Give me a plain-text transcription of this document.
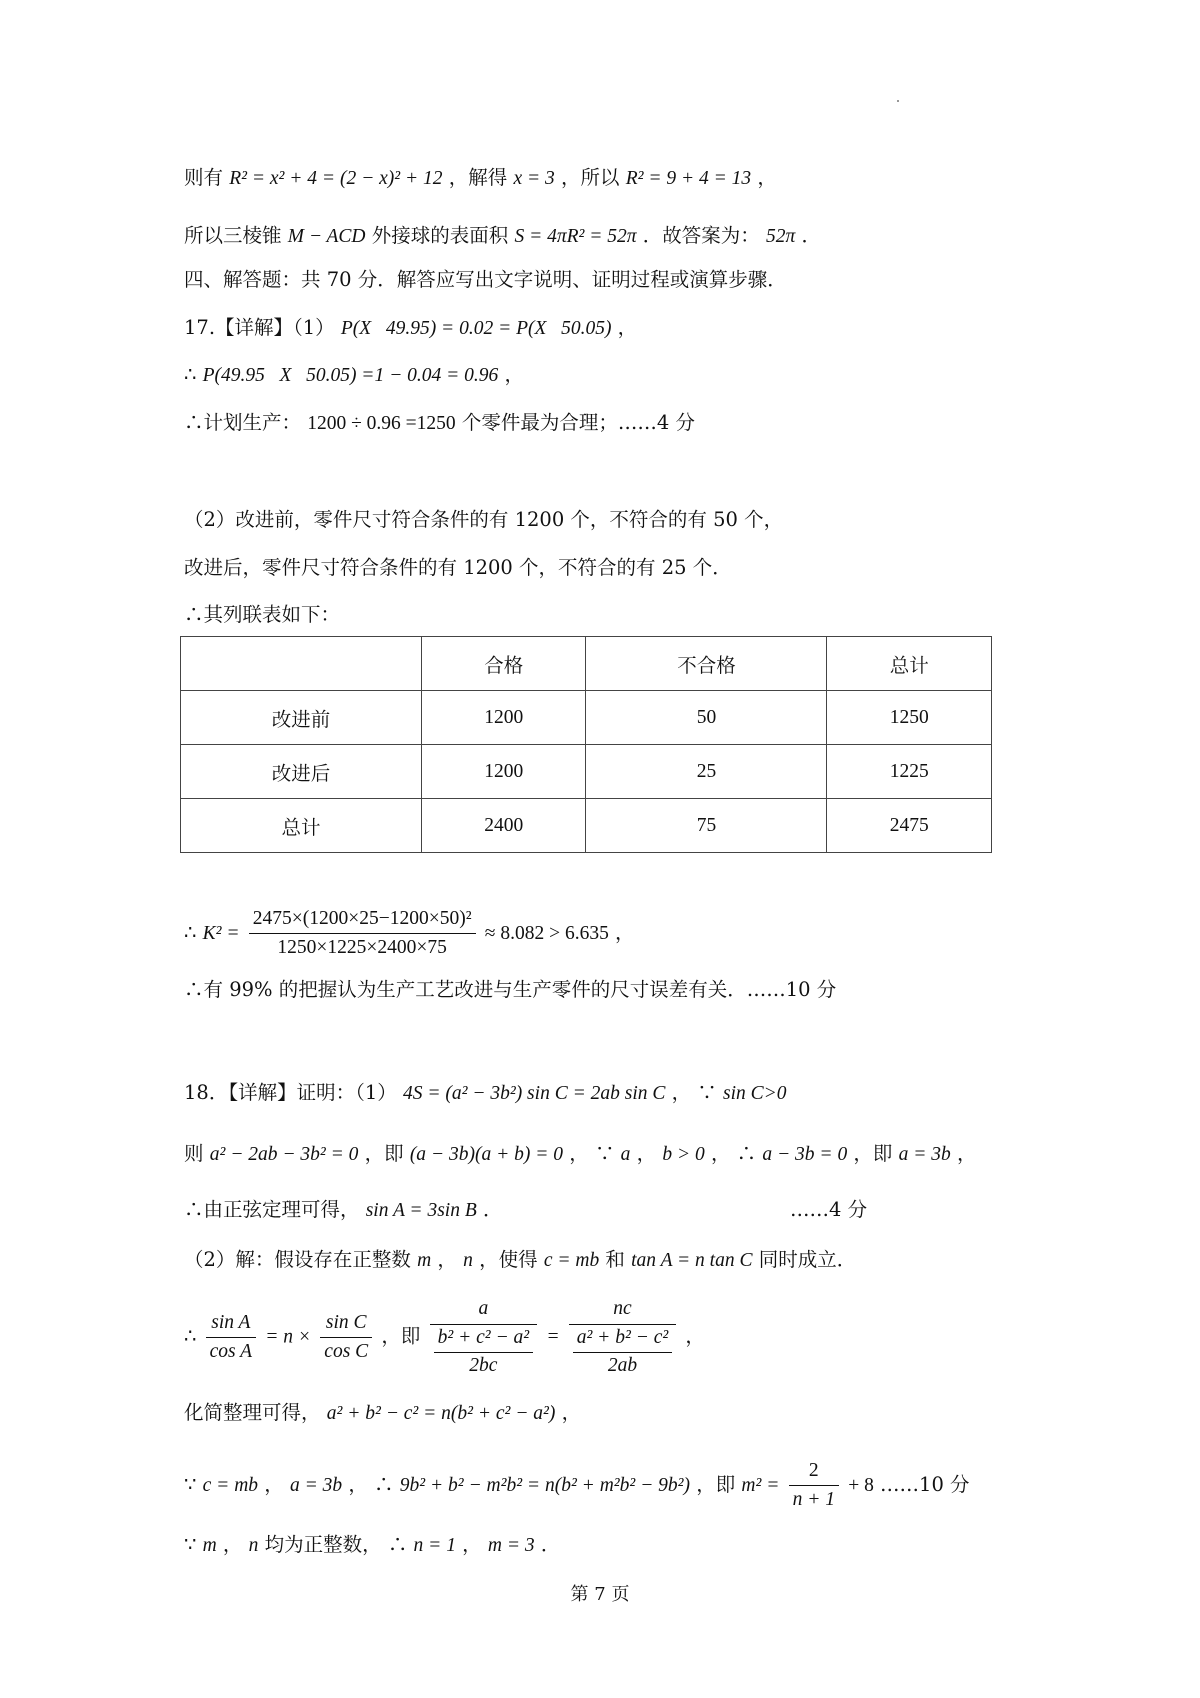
则有 R² = x² + 4 = (2 − x)² + 12 ，解得 x = 3 ，所以 R² = 9 + 4 = 13 ，
所以三棱锥 M − ACD 外接球的表面积 S = 4πR² = 52π ．故答案为： 52π ．
四、解答题：共 70 分．解答应写出文字说明、证明过程或演算步骤．
17.【详解】（1） P(X   49.95) = 0.02 = P(X   50.05) ，
∴ P(49.95   X   50.05) =1 − 0.04 = 0.96 ，
∴计划生产： 1200 ÷ 0.96 =1250 个零件最为合理；……4 分
（2）改进前，零件尺寸符合条件的有 1200 个，不符合的有 50 个，
改进后，零件尺寸符合条件的有 1200 个，不符合的有 25 个．
∴其列联表如下：
	合格	不合格	总计
改进前	1200	50	1250
改进后	1200	25	1225
总计	2400	75	2475
∴ $K^2 = \frac{\text{2475×(1200×25−1200×50)²}}{1250\times 1225\times 2400\times 75} \approx 8.082 > 6.635$ ，
∴有 99% 的把握认为生产工艺改进与生产零件的尺寸误差有关．……10 分
18．【详解】证明：（1） 4S = (a² − 3b²) sin C = 2ab sin C ， ∵ sin C>0
则 a² − 2ab − 3b² = 0 ，即 (a − 3b)(a + b) = 0 ， ∵ a ， b > 0 ， ∴ a − 3b = 0 ，即 a = 3b ，
∴由正弦定理可得， sin A = 3sin B ．	……4 分
（2）解：假设存在正整数 m ， n ，使得 c = mb 和 tan A = n tan C 同时成立．
∴ $\frac{\text{sin A}}{\text{cos A}} = n \times \frac{\text{sin C}}{\text{cos C}}$ ，即 $\frac{a}{\frac{\text{b² + c² − a²}}{2bc}} = \frac{nc}{\frac{\text{a² + b² − c²}}{2ab}}$ ，
化简整理可得， a² + b² − c² = n(b² + c² − a²) ，
∵ c = mb ， a = 3b ， ∴ 9b² + b² − m²b² = n(b² + m²b² − 9b²) ，即 $m^2 = \frac{2}{n + 1} + 8$ ……10 分
∵ m ， n 均为正整数， ∴ n = 1 ， m = 3 ．
第 7 页
